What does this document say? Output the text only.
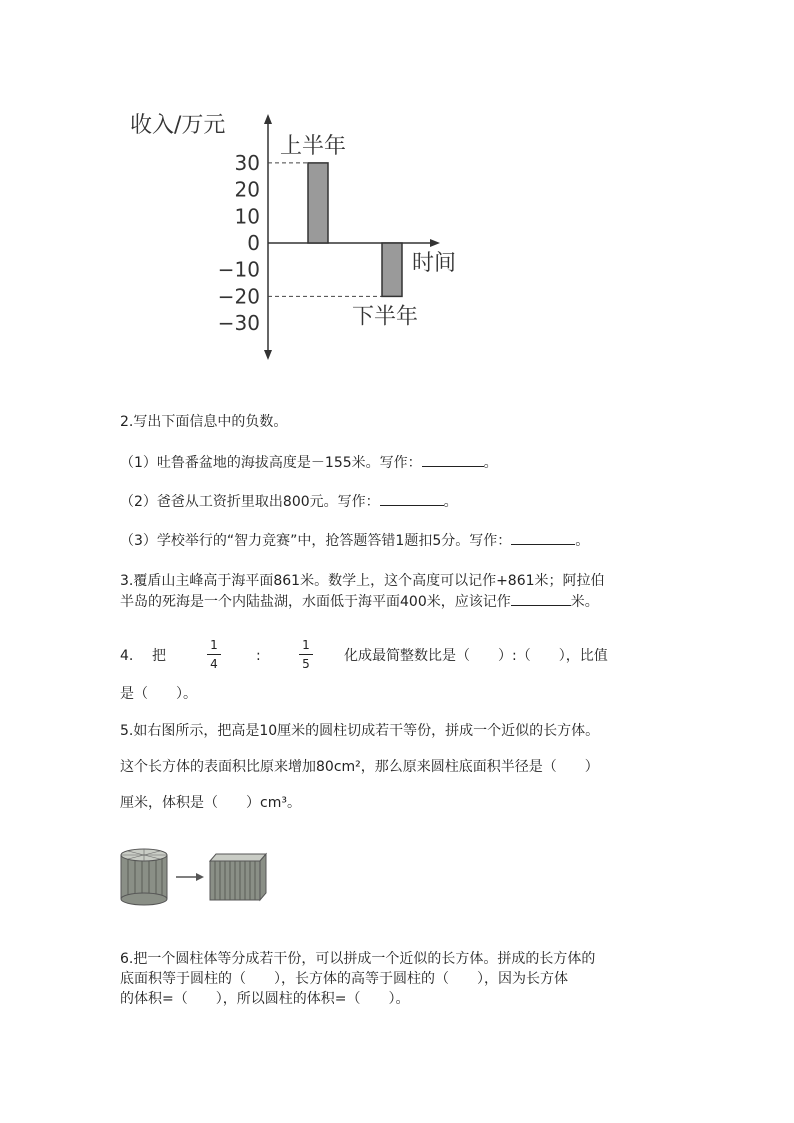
收入/万元
时间
30
20
10
0
−10
−20
−30
上半年
下半年
2.写出下面信息中的负数。
（1）吐鲁番盆地的海拔高度是－155米。写作：	。
（2）爸爸从工资折里取出800元。写作：	。
（3）学校举行的“智力竞赛”中，抢答题答错1题扣5分。写作：	。
3.覆盾山主峰高于海平面861米。数学上，这个高度可以记作+861米；阿拉伯
半岛的死海是一个内陆盐湖，水面低于海平面400米，应该记作	米。
4. 把
1
4	:
1
5 化成最简整数比是（　　）:（　　），比值
是（　　）。
5.如右图所示，把高是10厘米的圆柱切成若干等份，拼成一个近似的长方体。
这个长方体的表面积比原来增加80cm²，那么原来圆柱底面积半径是（　　）
厘米，体积是（　　）cm³。
6.把一个圆柱体等分成若干份，可以拼成一个近似的长方体。拼成的长方体的
底面积等于圆柱的（　　），长方体的高等于圆柱的（　　），因为长方体
的体积=（　　），所以圆柱的体积=（　　）。
